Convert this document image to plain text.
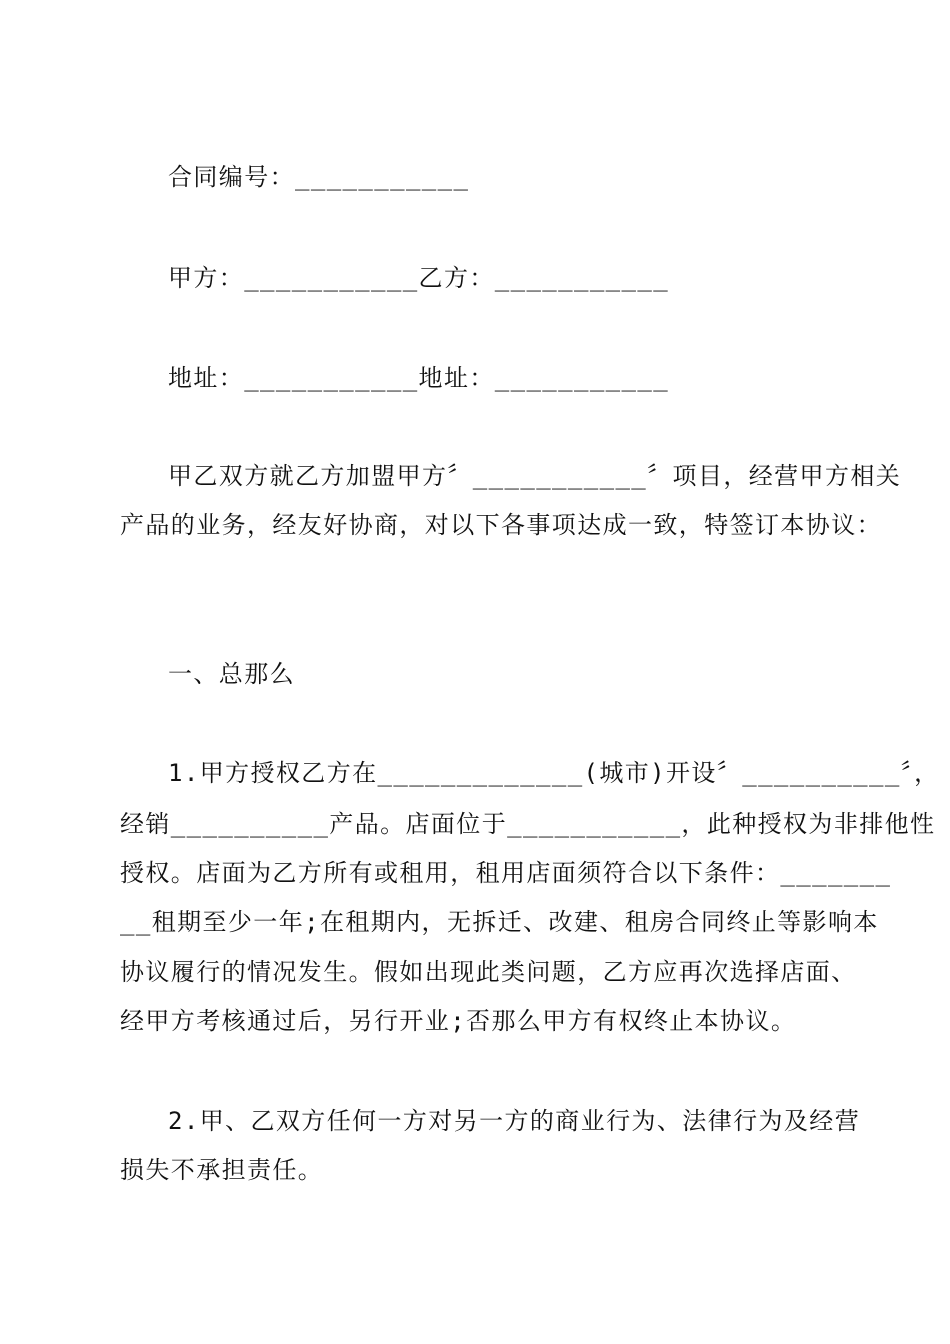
合同编号：___________
甲方：___________乙方：___________
地址：___________地址：___________
甲乙双方就乙方加盟甲方〞___________〞项目，经营甲方相关
产品的业务，经友好协商，对以下各事项达成一致，特签订本协议：
一、总那么
1.甲方授权乙方在_____________(城市)开设〞__________〞，
经销__________产品。店面位于___________，此种授权为非排他性
授权。店面为乙方所有或租用，租用店面须符合以下条件：_______
__租期至少一年;在租期内，无拆迁、改建、租房合同终止等影响本
协议履行的情况发生。假如出现此类问题，乙方应再次选择店面、
经甲方考核通过后，另行开业;否那么甲方有权终止本协议。
2.甲、乙双方任何一方对另一方的商业行为、法律行为及经营
损失不承担责任。
